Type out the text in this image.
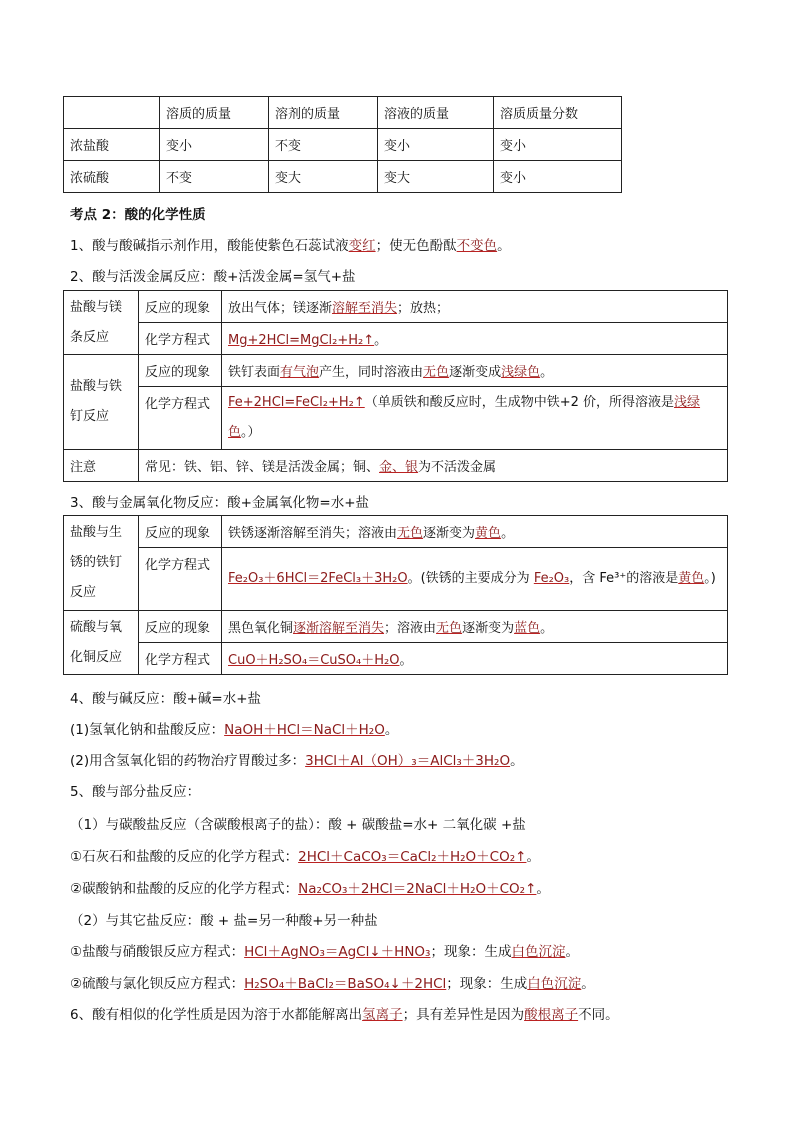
	溶质的质量	溶剂的质量	溶液的质量	溶质质量分数
浓盐酸	变小	不变	变小	变小
浓硫酸	不变	变大	变大	变小
考点 2：酸的化学性质
1、酸与酸碱指示剂作用，酸能使紫色石蕊试液变红；使无色酚酞不变色。
2、酸与活泼金属反应：酸+活泼金属=氢气+盐
盐酸与镁条反应	反应的现象	放出气体；镁逐渐溶解至消失；放热；
	化学方程式	Mg+2HCl=MgCl₂+H₂↑。
盐酸与铁钉反应	反应的现象	铁钉表面有气泡产生，同时溶液由无色逐渐变成浅绿色。
	化学方程式	Fe+2HCl=FeCl₂+H₂↑（单质铁和酸反应时，生成物中铁+2 价，所得溶液是浅绿色。）
注意	常见：铁、铝、锌、镁是活泼金属；铜、金、银为不活泼金属	
3、酸与金属氧化物反应：酸+金属氧化物=水+盐
盐酸与生锈的铁钉反应	反应的现象	铁锈逐渐溶解至消失；溶液由无色逐渐变为黄色。
	化学方程式	Fe₂O₃＋6HCl＝2FeCl₃＋3H₂O。(铁锈的主要成分为 Fe₂O₃，含 Fe³⁺的溶液是黄色。)
硫酸与氧化铜反应	反应的现象	黑色氧化铜逐渐溶解至消失；溶液由无色逐渐变为蓝色。
	化学方程式	CuO＋H₂SO₄＝CuSO₄＋H₂O。
4、酸与碱反应：酸+碱=水+盐
(1)氢氧化钠和盐酸反应：NaOH＋HCl＝NaCl＋H₂O。
(2)用含氢氧化铝的药物治疗胃酸过多：3HCl＋Al（OH）₃＝AlCl₃＋3H₂O。
5、酸与部分盐反应：
（1）与碳酸盐反应（含碳酸根离子的盐）：酸 + 碳酸盐=水+ 二氧化碳 +盐
①石灰石和盐酸的反应的化学方程式：2HCl＋CaCO₃＝CaCl₂＋H₂O＋CO₂↑。
②碳酸钠和盐酸的反应的化学方程式：Na₂CO₃＋2HCl＝2NaCl＋H₂O＋CO₂↑。
（2）与其它盐反应：酸 + 盐=另一种酸+另一种盐
①盐酸与硝酸银反应方程式：HCl＋AgNO₃＝AgCl↓＋HNO₃；现象：生成白色沉淀。
②硫酸与氯化钡反应方程式：H₂SO₄＋BaCl₂＝BaSO₄↓＋2HCl；现象：生成白色沉淀。
6、酸有相似的化学性质是因为溶于水都能解离出氢离子；具有差异性是因为酸根离子不同。
